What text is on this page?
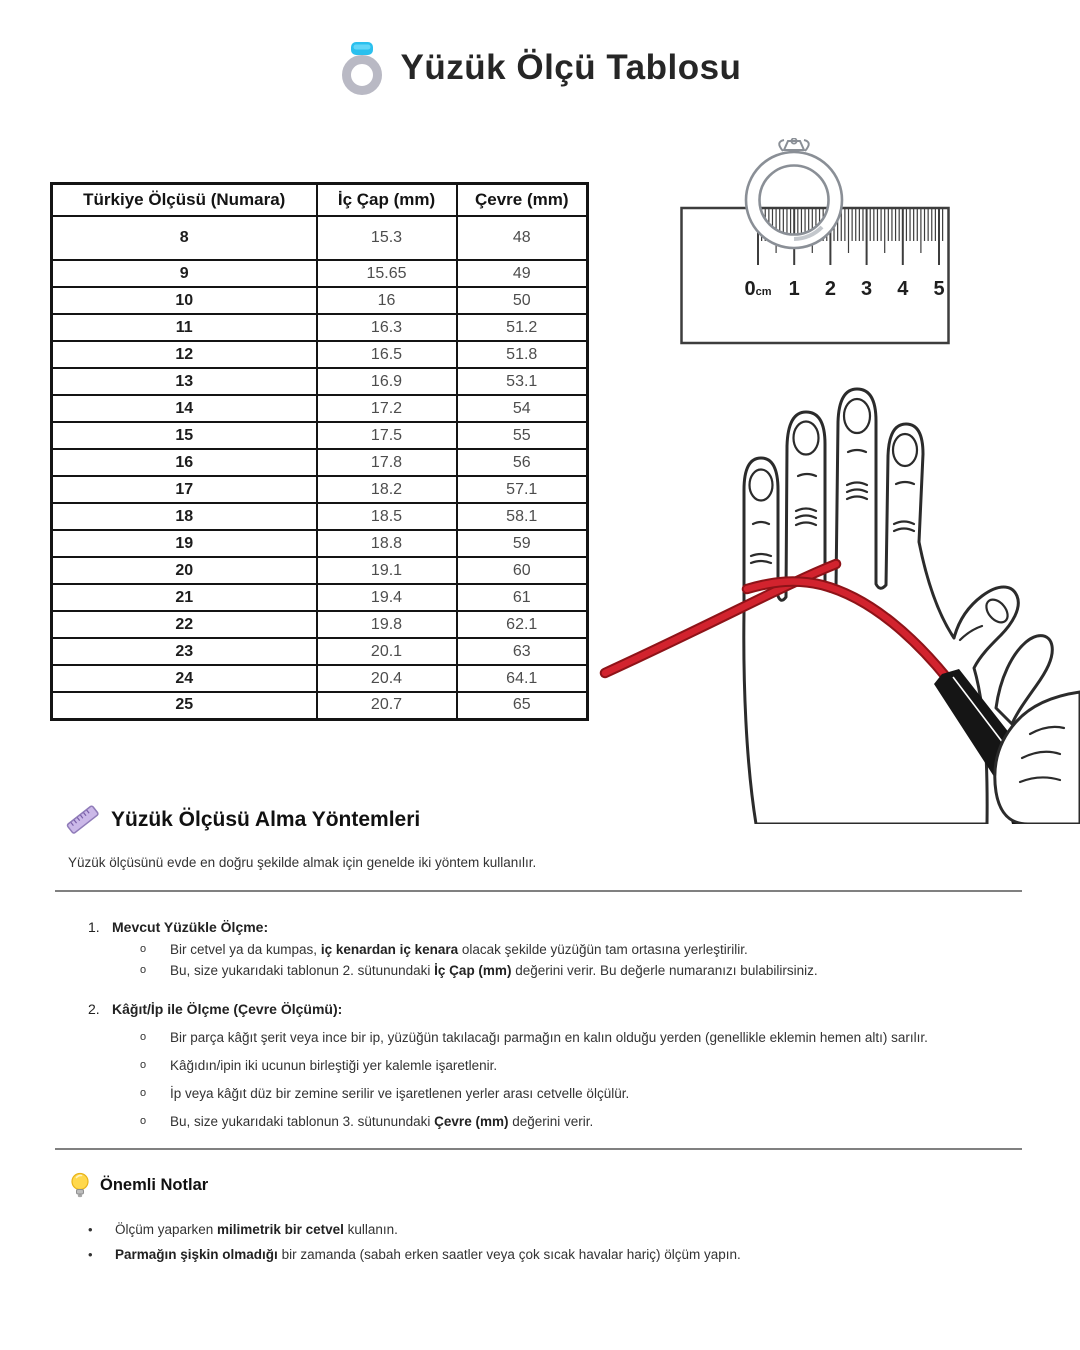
Yüzük Ölçü Tablosu
Türkiye Ölçüsü (Numara)	İç Çap (mm)	Çevre (mm)
8	15.3	48
9	15.65	49
10	16	50
11	16.3	51.2
12	16.5	51.8
13	16.9	53.1
14	17.2	54
15	17.5	55
16	17.8	56
17	18.2	57.1
18	18.5	58.1
19	18.8	59
20	19.1	60
21	19.4	61
22	19.8	62.1
23	20.1	63
24	20.4	64.1
25	20.7	65
0cm 1 2 3 4 5
Yüzük Ölçüsü Alma Yöntemleri
Yüzük ölçüsünü evde en doğru şekilde almak için genelde iki yöntem kullanılır.
1. Mevcut Yüzükle Ölçme:
o	Bir cetvel ya da kumpas, iç kenardan iç kenara olacak şekilde yüzüğün tam ortasına yerleştirilir.
o	Bu, size yukarıdaki tablonun 2. sütunundaki İç Çap (mm) değerini verir. Bu değerle numaranızı bulabilirsiniz.
2. Kâğıt/İp ile Ölçme (Çevre Ölçümü):
o	Bir parça kâğıt şerit veya ince bir ip, yüzüğün takılacağı parmağın en kalın olduğu yerden (genellikle eklemin hemen altı) sarılır.
o	Kâğıdın/ipin iki ucunun birleştiği yer kalemle işaretlenir.
o	İp veya kâğıt düz bir zemine serilir ve işaretlenen yerler arası cetvelle ölçülür.
o	Bu, size yukarıdaki tablonun 3. sütunundaki Çevre (mm) değerini verir.
Önemli Notlar
•	Ölçüm yaparken milimetrik bir cetvel kullanın.
•	Parmağın şişkin olmadığı bir zamanda (sabah erken saatler veya çok sıcak havalar hariç) ölçüm yapın.
